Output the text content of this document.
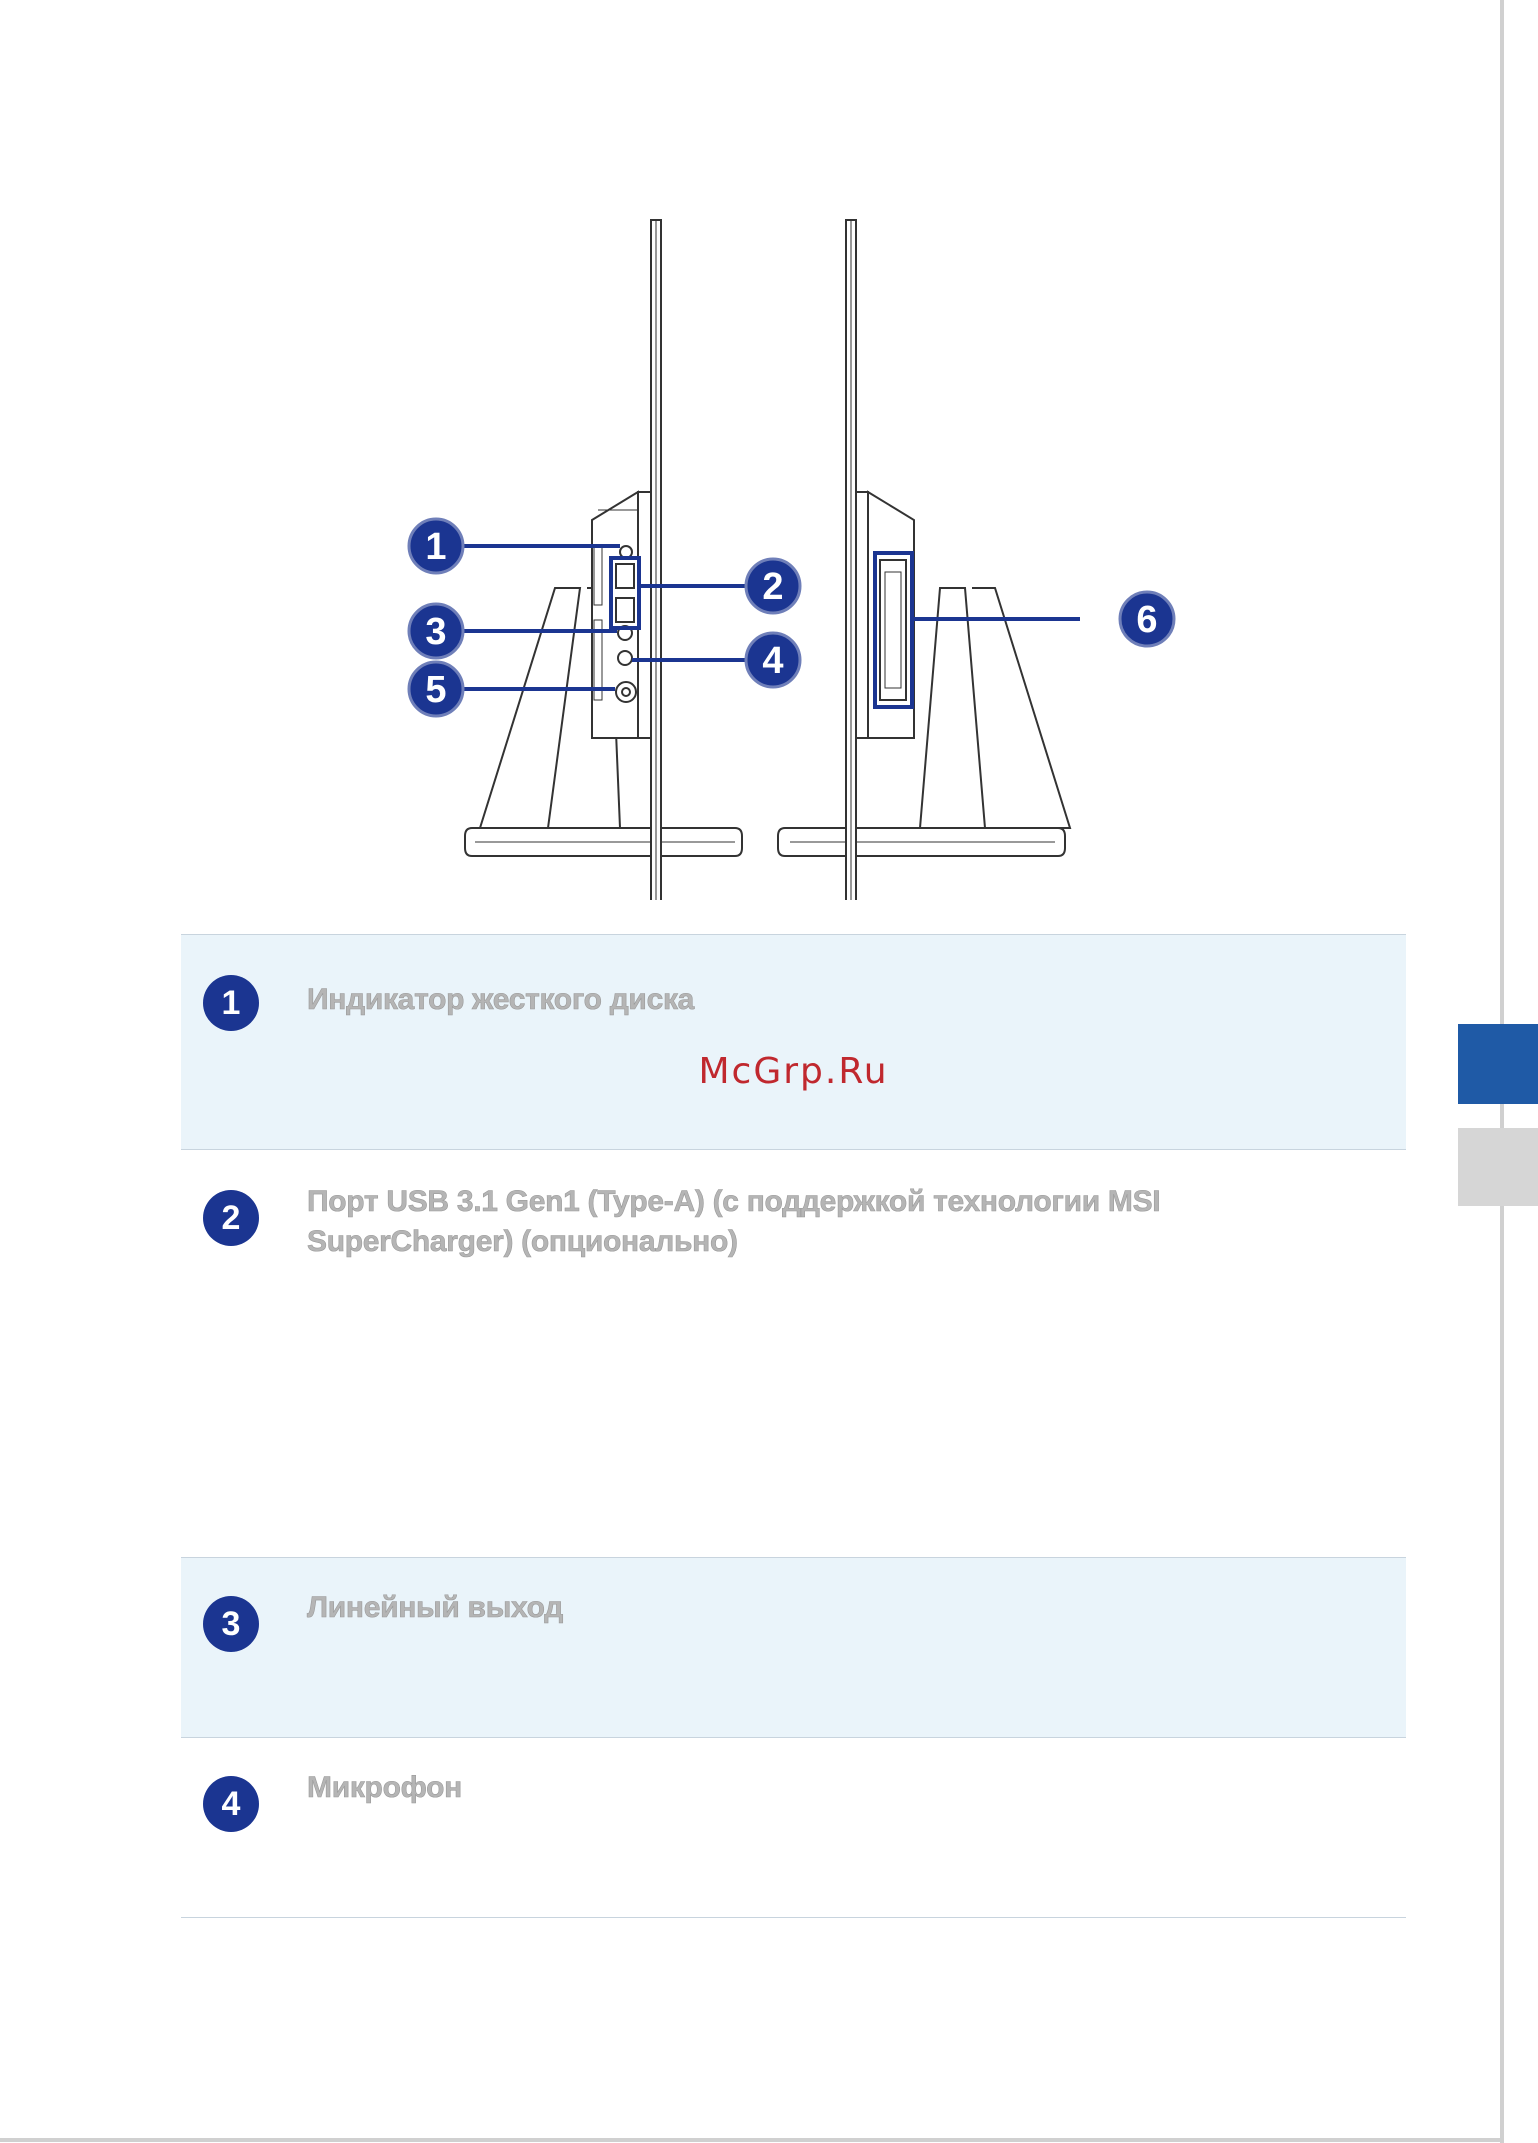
1
2
3
4
5
6
1	Индикатор жесткого диска
McGrp.Ru
2	Порт USB 3.1 Gen1 (Type-A) (с поддержкой технологии MSI SuperCharger) (опционально)
3	Линейный выход
4	Микрофон
